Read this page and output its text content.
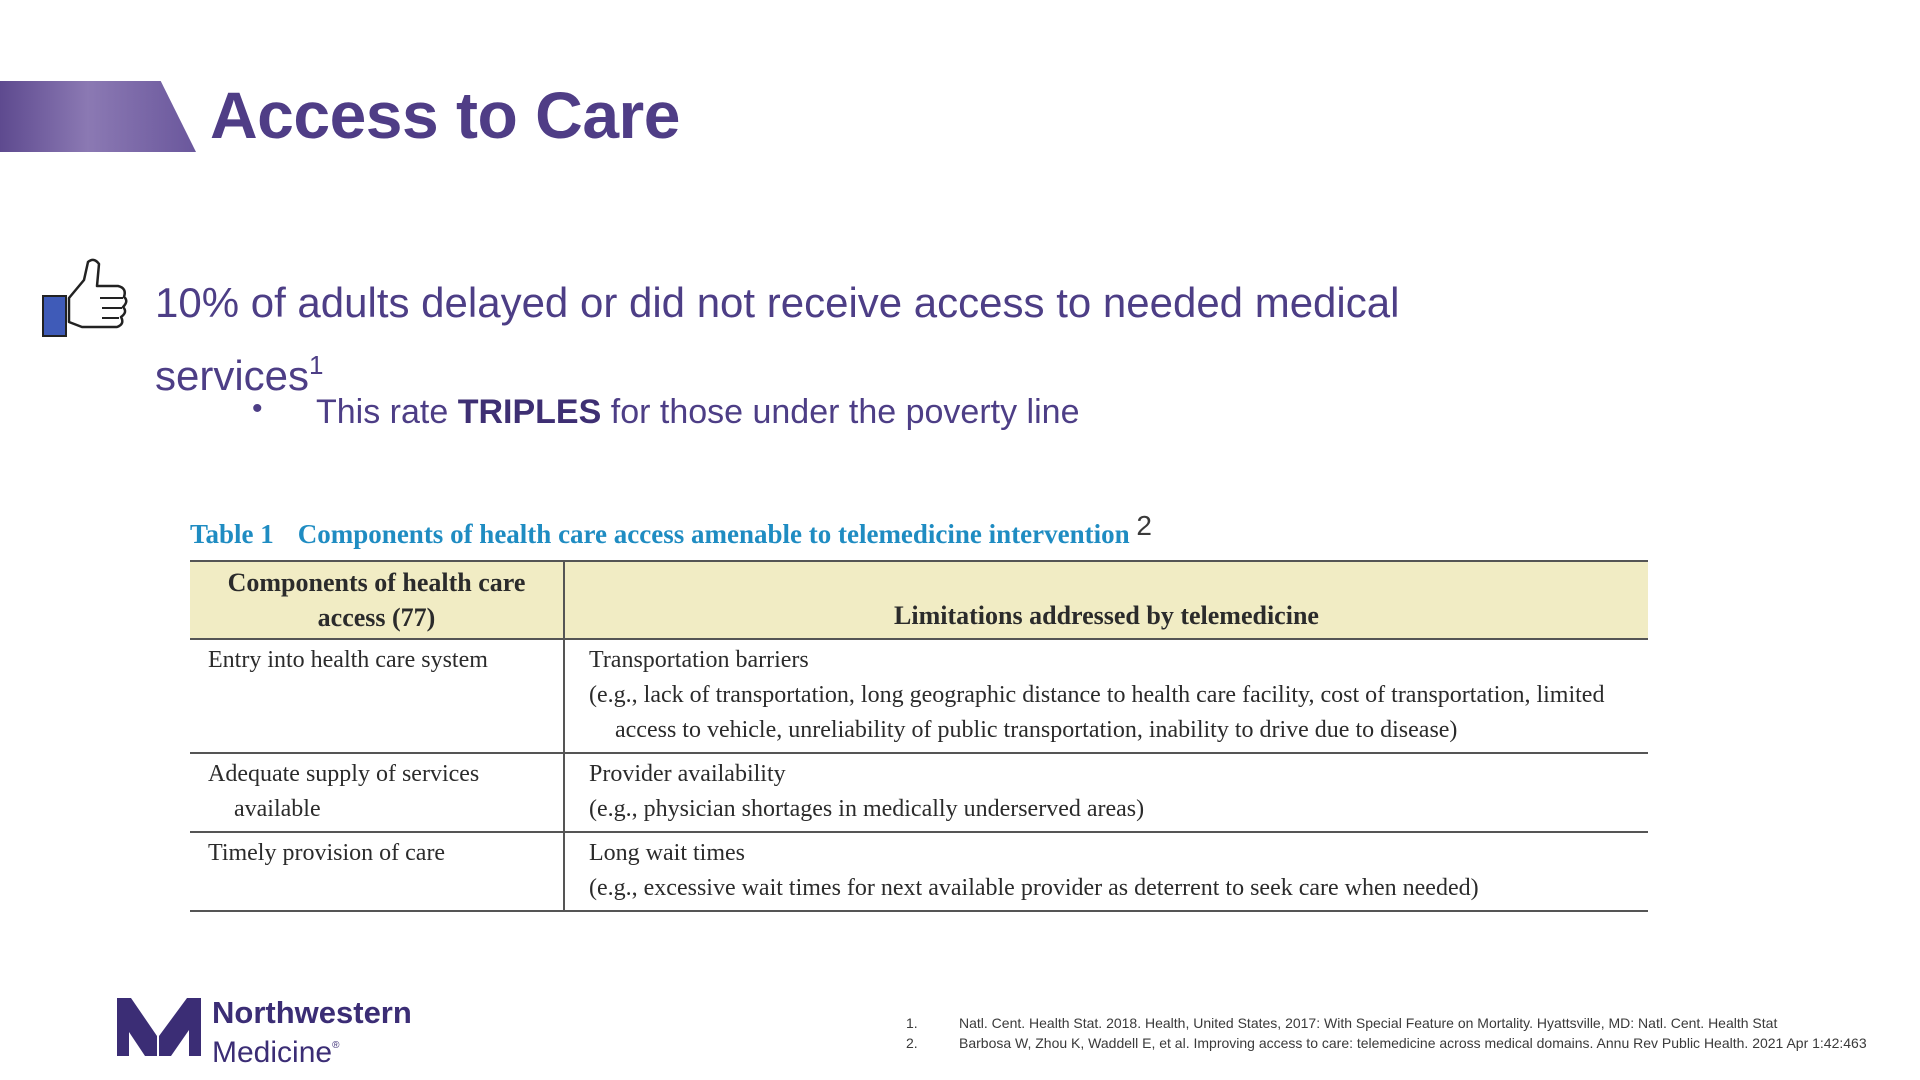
Access to Care
10% of adults delayed or did not receive access to needed medical services$^1$
• This rate TRIPLES for those under the poverty line
Table 1 Components of health care access amenable to telemedicine intervention $^2$
Components of health care access (77)	Limitations addressed by telemedicine

Entry into health care system	Transportation barriers
(e.g., lack of transportation, long geographic distance to health care facility, cost of transportation, limited access to vehicle, unreliability of public transportation, inability to drive due to disease)

Adequate supply of services available	Provider availability
(e.g., physician shortages in medically underserved areas)

Timely provision of care	Long wait times
(e.g., excessive wait times for next available provider as deterrent to seek care when needed)
Northwestern
Medicine®
1.	Natl. Cent. Health Stat. 2018. Health, United States, 2017: With Special Feature on Mortality. Hyattsville, MD: Natl. Cent. Health Stat
2.	Barbosa W, Zhou K, Waddell E, et al. Improving access to care: telemedicine across medical domains. Annu Rev Public Health. 2021 Apr 1:42:463
